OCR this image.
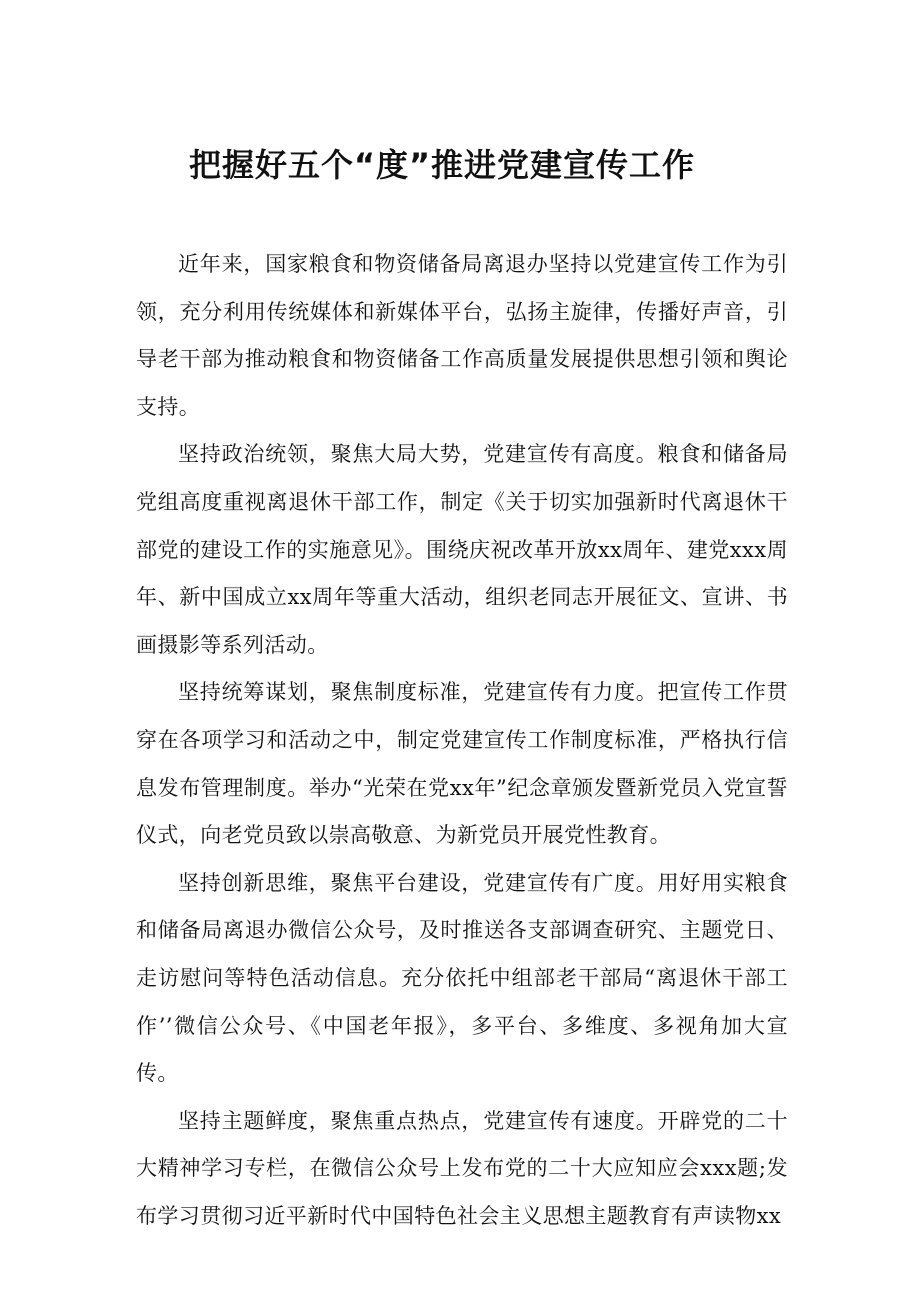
把握好五个“度”推进党建宣传工作

近年来，国家粮食和物资储备局离退办坚持以党建宣传工作为引领，充分利用传统媒体和新媒体平台，弘扬主旋律，传播好声音，引导老干部为推动粮食和物资储备工作高质量发展提供思想引领和舆论支持。

坚持政治统领，聚焦大局大势，党建宣传有高度。粮食和储备局党组高度重视离退休干部工作，制定《关于切实加强新时代离退休干部党的建设工作的实施意见》。围绕庆祝改革开放xx周年、建党xxx周年、新中国成立xx周年等重大活动，组织老同志开展征文、宣讲、书画摄影等系列活动。

坚持统筹谋划，聚焦制度标准，党建宣传有力度。把宣传工作贯穿在各项学习和活动之中，制定党建宣传工作制度标准，严格执行信息发布管理制度。举办“光荣在党xx年”纪念章颁发暨新党员入党宣誓仪式，向老党员致以崇高敬意、为新党员开展党性教育。

坚持创新思维，聚焦平台建设，党建宣传有广度。用好用实粮食和储备局离退办微信公众号，及时推送各支部调查研究、主题党日、走访慰问等特色活动信息。充分依托中组部老干部局“离退休干部工作’’微信公众号、《中国老年报》，多平台、多维度、多视角加大宣传。

坚持主题鲜度，聚焦重点热点，党建宣传有速度。开辟党的二十大精神学习专栏，在微信公众号上发布党的二十大应知应会xxx题;发布学习贯彻习近平新时代中国特色社会主义思想主题教育有声读物xx
